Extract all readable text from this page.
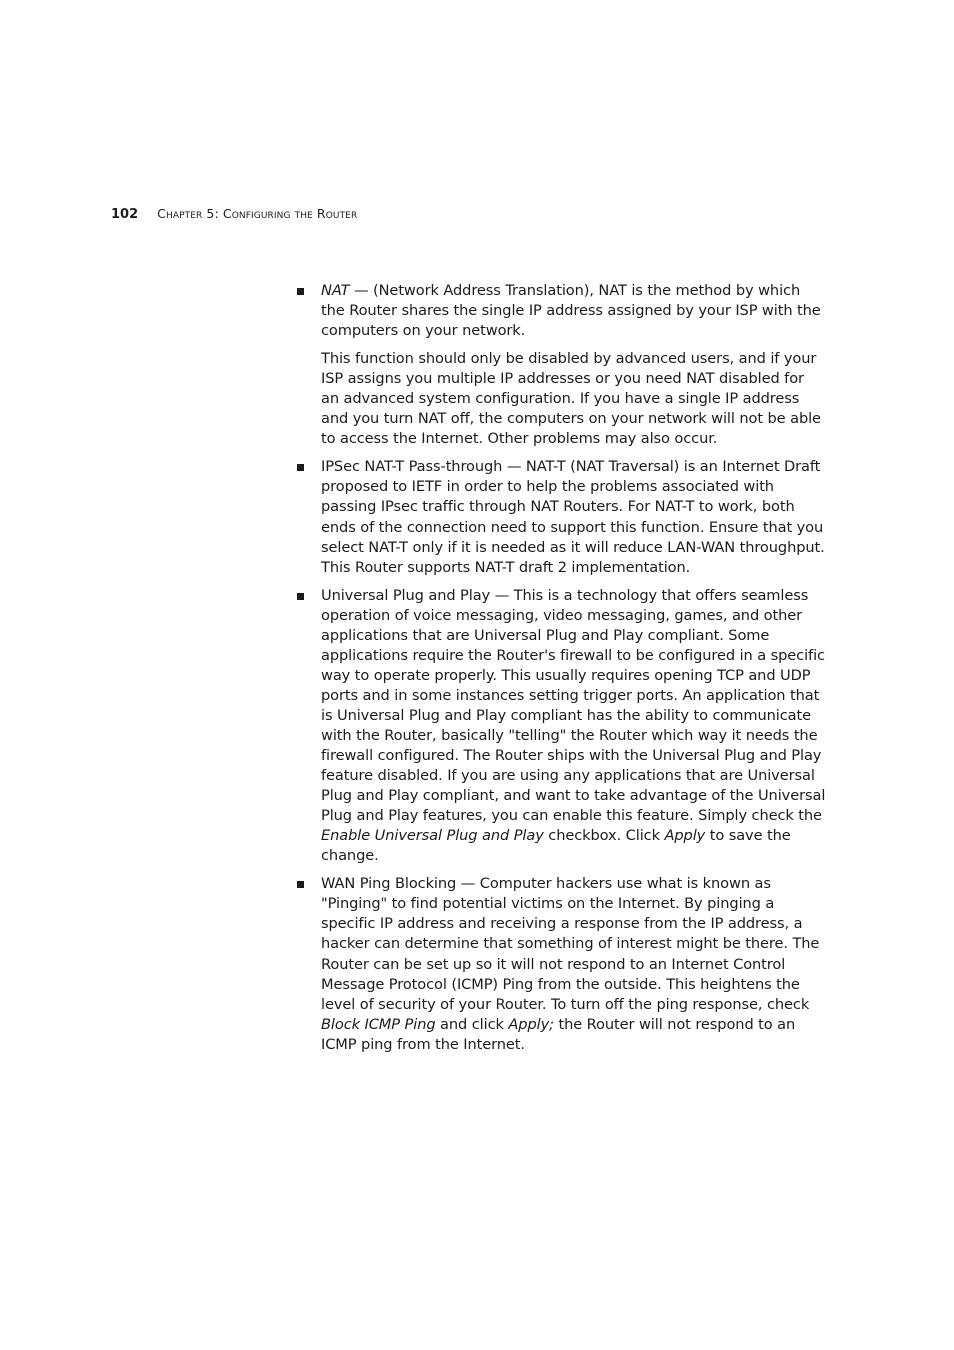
102 Chapter 5: Configuring the Router

NAT — (Network Address Translation), NAT is the method by which the Router shares the single IP address assigned by your ISP with the computers on your network.

This function should only be disabled by advanced users, and if your ISP assigns you multiple IP addresses or you need NAT disabled for an advanced system configuration. If you have a single IP address and you turn NAT off, the computers on your network will not be able to access the Internet. Other problems may also occur.

IPSec NAT-T Pass-through — NAT-T (NAT Traversal) is an Internet Draft proposed to IETF in order to help the problems associated with passing IPsec traffic through NAT Routers. For NAT-T to work, both ends of the connection need to support this function. Ensure that you select NAT-T only if it is needed as it will reduce LAN-WAN throughput. This Router supports NAT-T draft 2 implementation.

Universal Plug and Play — This is a technology that offers seamless operation of voice messaging, video messaging, games, and other applications that are Universal Plug and Play compliant. Some applications require the Router's firewall to be configured in a specific way to operate properly. This usually requires opening TCP and UDP ports and in some instances setting trigger ports. An application that is Universal Plug and Play compliant has the ability to communicate with the Router, basically "telling" the Router which way it needs the firewall configured. The Router ships with the Universal Plug and Play feature disabled. If you are using any applications that are Universal Plug and Play compliant, and want to take advantage of the Universal Plug and Play features, you can enable this feature. Simply check the Enable Universal Plug and Play checkbox. Click Apply to save the change.

WAN Ping Blocking — Computer hackers use what is known as "Pinging" to find potential victims on the Internet. By pinging a specific IP address and receiving a response from the IP address, a hacker can determine that something of interest might be there. The Router can be set up so it will not respond to an Internet Control Message Protocol (ICMP) Ping from the outside. This heightens the level of security of your Router. To turn off the ping response, check Block ICMP Ping and click Apply; the Router will not respond to an ICMP ping from the Internet.
